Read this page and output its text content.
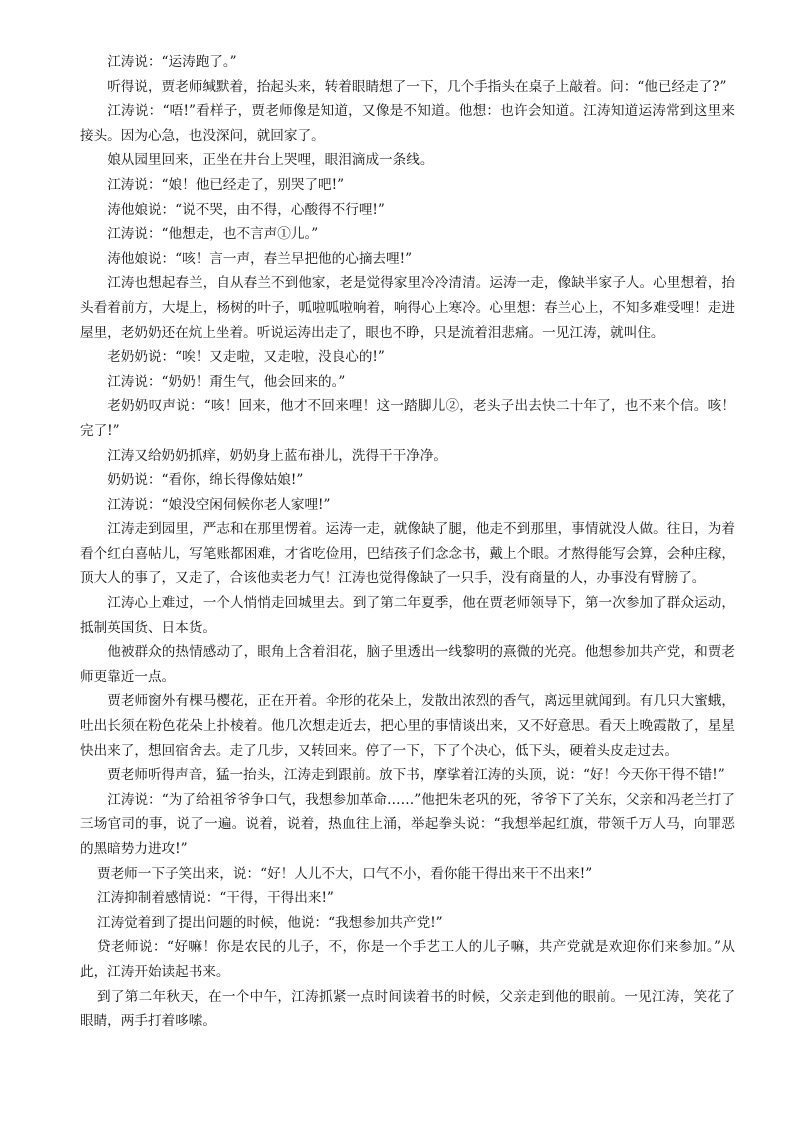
江涛说：“运涛跑了。”

听得说，贾老师缄默着，抬起头来，转着眼睛想了一下，几个手指头在桌子上敲着。问：“他已经走了?”

江涛说：“唔!”看样子，贾老师像是知道，又像是不知道。他想：也许会知道。江涛知道运涛常到这里来接头。因为心急，也没深问，就回家了。

娘从园里回来，正坐在井台上哭哩，眼泪滴成一条线。

江涛说：“娘！他已经走了，别哭了吧!”

涛他娘说：“说不哭，由不得，心酸得不行哩!”

江涛说：“他想走，也不言声①儿。”

涛他娘说：“咳！言一声，春兰早把他的心摘去哩!”

江涛也想起春兰，自从春兰不到他家，老是觉得家里冷冷清清。运涛一走，像缺半家子人。心里想着，抬头看着前方，大堤上，杨树的叶子，呱啦呱啦响着，响得心上寒冷。心里想：春兰心上，不知多难受哩！走进屋里，老奶奶还在炕上坐着。听说运涛出走了，眼也不睁，只是流着泪悲痛。一见江涛，就叫住。

老奶奶说：“唉！又走啦，又走啦，没良心的!”

江涛说：“奶奶！甭生气，他会回来的。”

老奶奶叹声说：“咳！回来，他才不回来哩！这一踏脚儿②，老头子出去快二十年了，也不来个信。咳！完了!”

江涛又给奶奶抓痒，奶奶身上蓝布褂儿，洗得干干净净。

奶奶说：“看你，绵长得像姑娘!”

江涛说：“娘没空闲伺候你老人家哩!”

江涛走到园里，严志和在那里愣着。运涛一走，就像缺了腿，他走不到那里，事情就没人做。往日，为着看个红白喜帖儿，写笔账都困难，才省吃俭用，巴结孩子们念念书，戴上个眼。才熬得能写会算，会种庄稼，顶大人的事了，又走了，合该他卖老力气！江涛也觉得像缺了一只手，没有商量的人，办事没有臂膀了。

江涛心上难过，一个人悄悄走回城里去。到了第二年夏季，他在贾老师领导下，第一次参加了群众运动，抵制英国货、日本货。

他被群众的热情感动了，眼角上含着泪花，脑子里透出一线黎明的熹微的光亮。他想参加共产党，和贾老师更靠近一点。

贾老师窗外有棵马樱花，正在开着。伞形的花朵上，发散出浓烈的香气，离远里就闻到。有几只大蜜蛾，吐出长须在粉色花朵上扑棱着。他几次想走近去，把心里的事情谈出来，又不好意思。看天上晚霞散了，星星快出来了，想回宿舍去。走了几步，又转回来。停了一下，下了个决心，低下头，硬着头皮走过去。

贾老师听得声音，猛一抬头，江涛走到跟前。放下书，摩挲着江涛的头顶，说：“好！今天你干得不错!”

江涛说：“为了给祖爷爷争口气，我想参加革命……”他把朱老巩的死，爷爷下了关东，父亲和冯老兰打了三场官司的事，说了一遍。说着，说着，热血往上涌，举起拳头说：“我想举起红旗，带领千万人马，向罪恶的黑暗势力进攻!”

贾老师一下子笑出来，说：“好！人儿不大，口气不小，看你能干得出来干不出来!”

江涛抑制着感情说：“干得，干得出来!”

江涛觉着到了提出问题的时候，他说：“我想参加共产党!”

贷老师说：“好嘛！你是农民的儿子，不，你是一个手艺工人的儿子嘛，共产党就是欢迎你们来参加。”从此，江涛开始读起书来。

到了第二年秋天，在一个中午，江涛抓紧一点时间读着书的时候，父亲走到他的眼前。一见江涛，笑花了眼睛，两手打着哆嗦。
